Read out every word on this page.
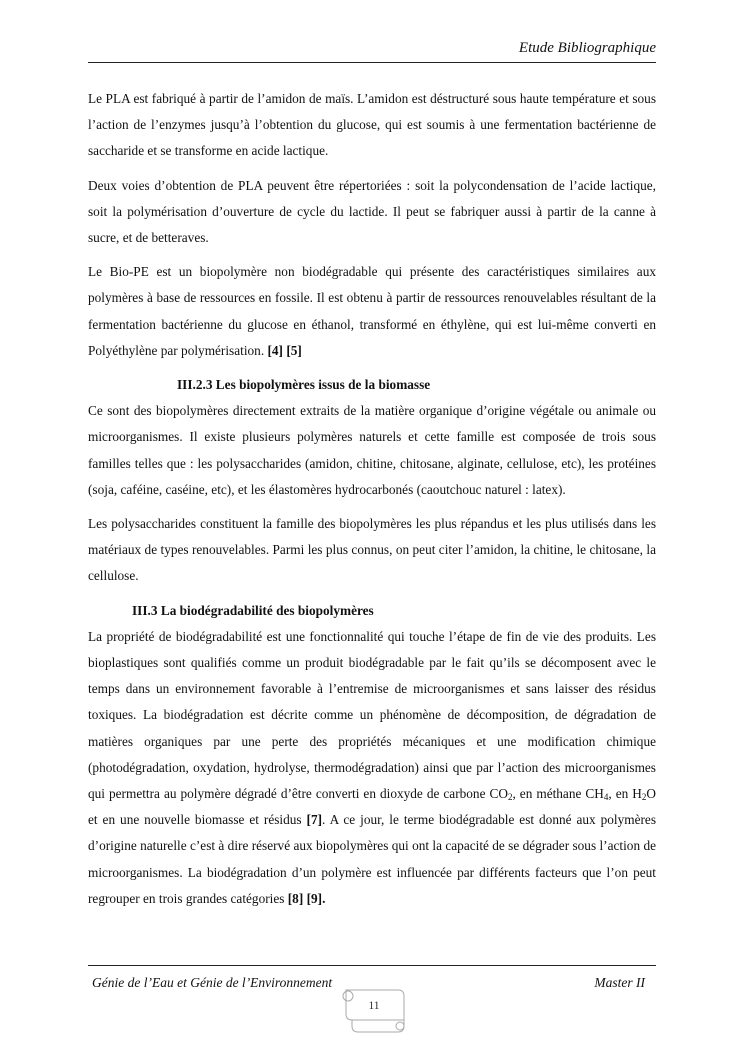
Etude Bibliographique

Le PLA est fabriqué à partir de l’amidon de maïs. L’amidon est déstructuré sous haute température et sous l’action de l’enzymes jusqu’à l’obtention du glucose, qui est soumis à une fermentation bactérienne de saccharide et se transforme en acide lactique.

Deux voies d’obtention de PLA peuvent être répertoriées : soit la polycondensation de l’acide lactique, soit la polymérisation d’ouverture de cycle du lactide. Il peut se fabriquer aussi à partir de la canne à sucre, et de betteraves.

Le Bio-PE est un biopolymère non biodégradable qui présente des caractéristiques similaires aux polymères à base de ressources en fossile. Il est obtenu à partir de ressources renouvelables résultant de la fermentation bactérienne du glucose en éthanol, transformé en éthylène, qui est lui-même converti en Polyéthylène par polymérisation. [4] [5]

III.2.3 Les biopolymères issus de la biomasse

Ce sont des biopolymères directement extraits de la matière organique d’origine végétale ou animale ou microorganismes. Il existe plusieurs polymères naturels et cette famille est composée de trois sous familles telles que : les polysaccharides (amidon, chitine, chitosane, alginate, cellulose, etc), les protéines (soja, caféine, caséine, etc), et les élastomères hydrocarbonés (caoutchouc naturel : latex).

Les polysaccharides constituent la famille des biopolymères les plus répandus et les plus utilisés dans les matériaux de types renouvelables. Parmi les plus connus, on peut citer l’amidon, la chitine, le chitosane, la cellulose.

III.3 La biodégradabilité des biopolymères

La propriété de biodégradabilité est une fonctionnalité qui touche l’étape de fin de vie des produits. Les bioplastiques sont qualifiés comme un produit biodégradable par le fait qu’ils se décomposent avec le temps dans un environnement favorable à l’entremise de microorganismes et sans laisser des résidus toxiques. La biodégradation est décrite comme un phénomène de décomposition, de dégradation de matières organiques par une perte des propriétés mécaniques et une modification chimique (photodégradation, oxydation, hydrolyse, thermodégradation) ainsi que par l’action des microorganismes qui permettra au polymère dégradé d’être converti en dioxyde de carbone $CO_2$, en méthane $CH_4$, en $H_2O$ et en une nouvelle biomasse et résidus [7]. A ce jour, le terme biodégradable est donné aux polymères d’origine naturelle c’est à dire réservé aux biopolymères qui ont la capacité de se dégrader sous l’action de microorganismes. La biodégradation d’un polymère est influencée par différents facteurs que l’on peut regrouper en trois grandes catégories [8] [9].

Génie de l’Eau et Génie de l’Environnement	Master II
11
